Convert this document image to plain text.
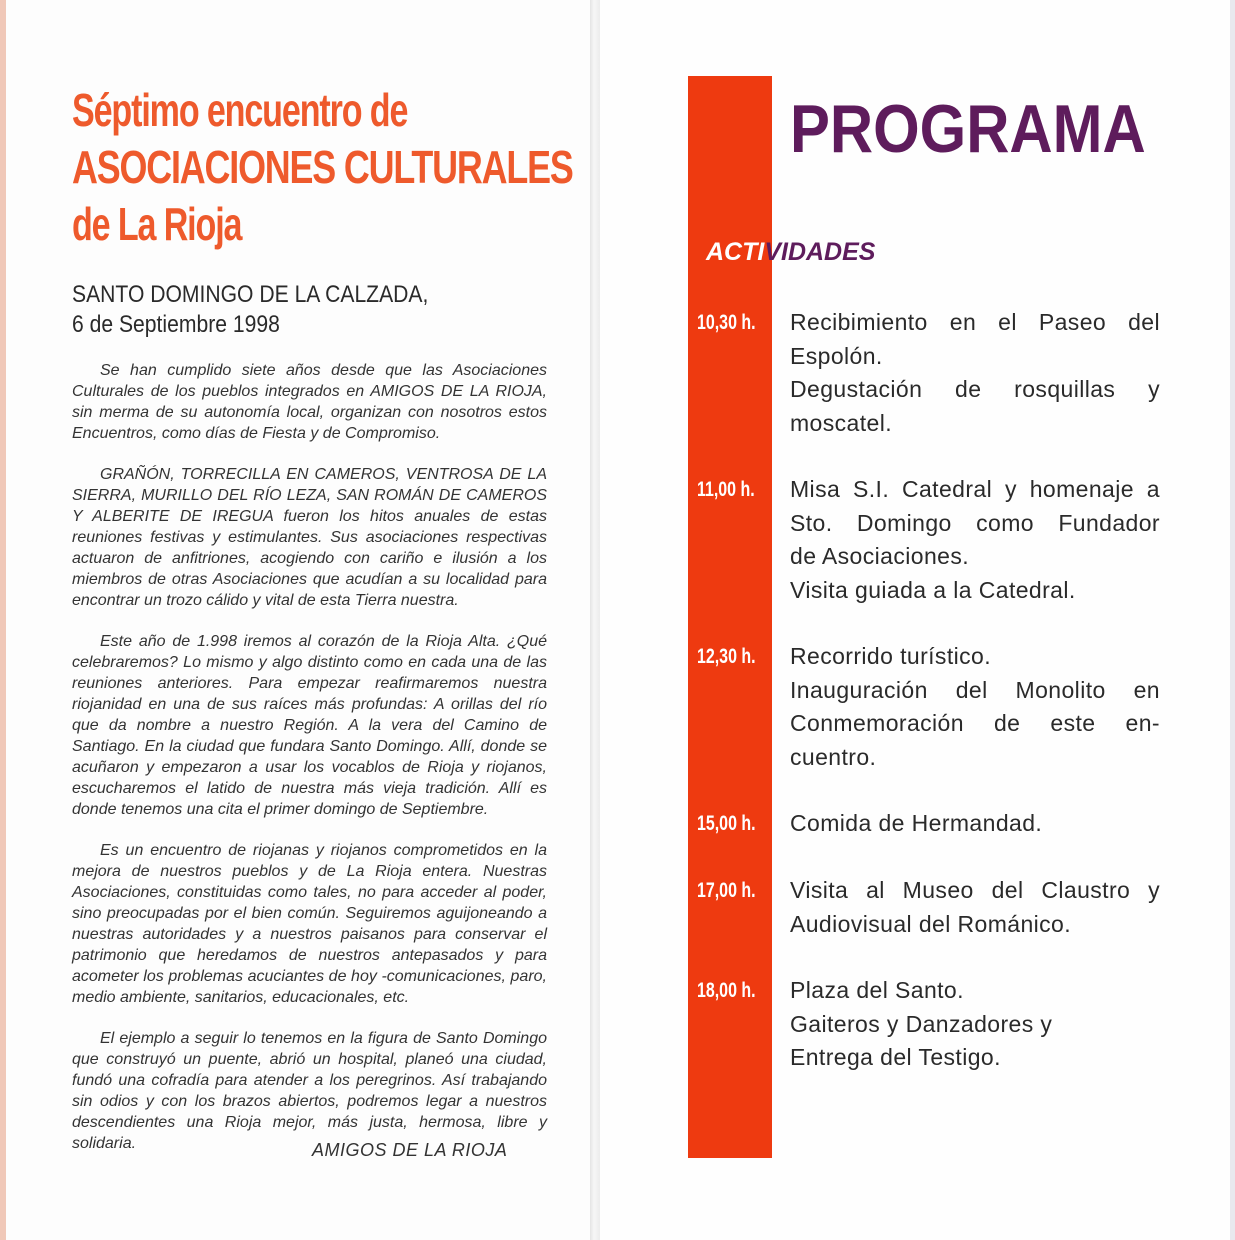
Séptimo encuentro de
ASOCIACIONES CULTURALES
de La Rioja
SANTO DOMINGO DE LA CALZADA,
6 de Septiembre 1998

Se han cumplido siete años desde que las Asociaciones Culturales de los pueblos integrados en AMIGOS DE LA RIOJA, sin merma de su autonomía local, organizan con nosotros estos Encuentros, como días de Fiesta y de Compromiso.

GRAÑÓN, TORRECILLA EN CAMEROS, VENTROSA DE LA SIERRA, MURILLO DEL RÍO LEZA, SAN ROMÁN DE CAMEROS Y ALBERITE DE IREGUA fueron los hitos anuales de estas reuniones festivas y estimulantes. Sus asociaciones respectivas actuaron de anfitriones, acogiendo con cariño e ilusión a los miembros de otras Asociaciones que acudían a su localidad para encontrar un trozo cálido y vital de esta Tierra nuestra.

Este año de 1.998 iremos al corazón de la Rioja Alta. ¿Qué celebraremos? Lo mismo y algo distinto como en cada una de las reuniones anteriores. Para empezar reafirmaremos nuestra riojanidad en una de sus raíces más profundas: A orillas del río que da nombre a nuestro Región. A la vera del Camino de Santiago. En la ciudad que fundara Santo Domingo. Allí, donde se acuñaron y empezaron a usar los vocablos de Rioja y riojanos, escucharemos el latido de nuestra más vieja tradición. Allí es donde tenemos una cita el primer domingo de Septiembre.

Es un encuentro de riojanas y riojanos comprometidos en la mejora de nuestros pueblos y de La Rioja entera. Nuestras Asociaciones, constituidas como tales, no para acceder al poder, sino preocupadas por el bien común. Seguiremos aguijoneando a nuestras autoridades y a nuestros paisanos para conservar el patrimonio que heredamos de nuestros antepasados y para acometer los problemas acuciantes de hoy -comunicaciones, paro, medio ambiente, sanitarios, educacionales, etc.

El ejemplo a seguir lo tenemos en la figura de Santo Domingo que construyó un puente, abrió un hospital, planeó una ciudad, fundó una cofradía para atender a los peregrinos. Así trabajando sin odios y con los brazos abiertos, podremos legar a nuestros descendientes una Rioja mejor, más justa, hermosa, libre y solidaria.	AMIGOS DE LA RIOJA
PROGRAMA
ACTIVIDADES
10,30 h. Recibimiento en el Paseo del
Espolón.
Degustación de rosquillas y
moscatel.
11,00 h. Misa S.I. Catedral y homenaje a
Sto. Domingo como Fundador
de Asociaciones.
Visita guiada a la Catedral.
12,30 h. Recorrido turístico.
Inauguración del Monolito en
Conmemoración de este en-
cuentro.
15,00 h. Comida de Hermandad.
17,00 h. Visita al Museo del Claustro y
Audiovisual del Románico.
18,00 h. Plaza del Santo.
Gaiteros y Danzadores y
Entrega del Testigo.
